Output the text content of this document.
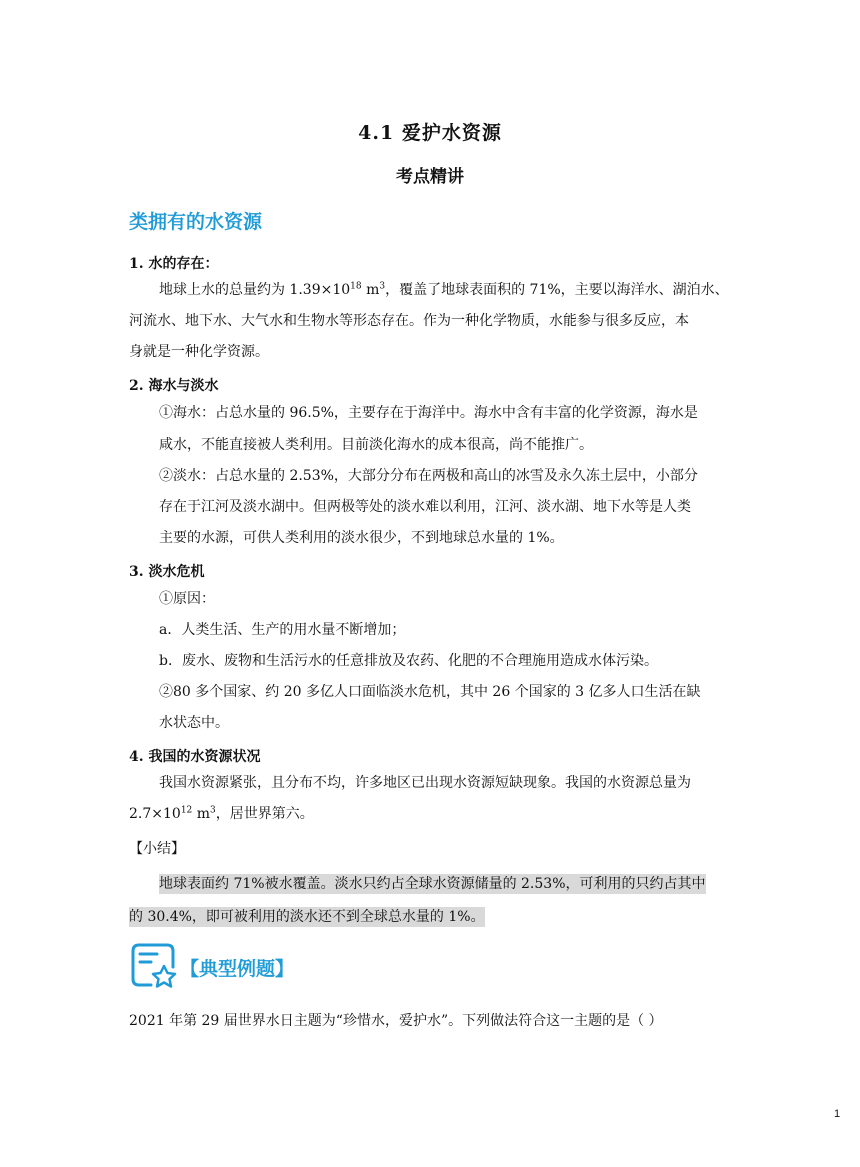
4.1 爱护水资源
考点精讲
类拥有的水资源
1. 水的存在：
地球上水的总量约为 $1.39\times 10^{18}$ $m^3$，覆盖了地球表面积的 71%，主要以海洋水、湖泊水、
河流水、地下水、大气水和生物水等形态存在。作为一种化学物质，水能参与很多反应，本
身就是一种化学资源。
2. 海水与淡水
①海水：占总水量的 96.5%，主要存在于海洋中。海水中含有丰富的化学资源，海水是
咸水，不能直接被人类利用。目前淡化海水的成本很高，尚不能推广。
②淡水：占总水量的 2.53%，大部分分布在两极和高山的冰雪及永久冻土层中，小部分
存在于江河及淡水湖中。但两极等处的淡水难以利用，江河、淡水湖、地下水等是人类
主要的水源，可供人类利用的淡水很少，不到地球总水量的 1%。
3. 淡水危机
①原因：
a．人类生活、生产的用水量不断增加；
b．废水、废物和生活污水的任意排放及农药、化肥的不合理施用造成水体污染。
②80 多个国家、约 20 多亿人口面临淡水危机，其中 26 个国家的 3 亿多人口生活在缺
水状态中。
4. 我国的水资源状况
我国水资源紧张，且分布不均，许多地区已出现水资源短缺现象。我国的水资源总量为
$2.7\times 10^{12}$ $m^3$，居世界第六。
【小结】
地球表面约 71%被水覆盖。淡水只约占全球水资源储量的 2.53%，可利用的只约占其中
的 30.4%，即可被利用的淡水还不到全球总水量的 1%。
【典型例题】
2021 年第 29 届世界水日主题为“珍惜水，爱护水”。下列做法符合这一主题的是（ ）
1
